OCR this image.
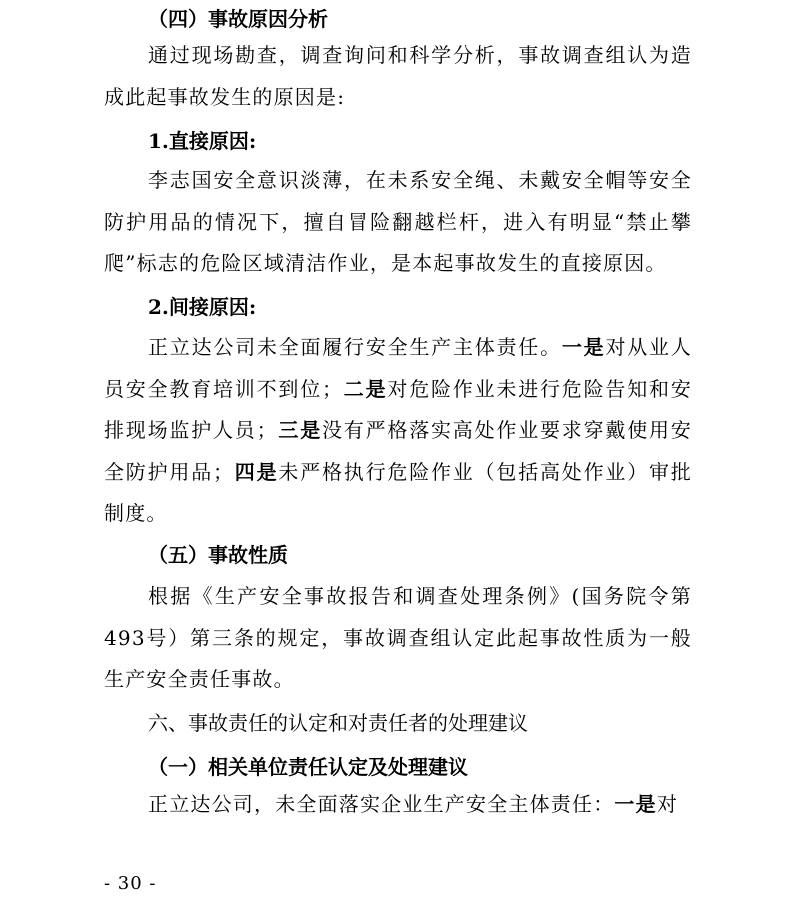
（四）事故原因分析
通过现场勘查，调查询问和科学分析，事故调查组认为造成此起事故发生的原因是:
1.直接原因:
李志国安全意识淡薄，在未系安全绳、未戴安全帽等安全防护用品的情况下，擅自冒险翻越栏杆，进入有明显“禁止攀爬”标志的危险区域清洁作业，是本起事故发生的直接原因。
2.间接原因:
正立达公司未全面履行安全生产主体责任。一是对从业人员安全教育培训不到位；二是对危险作业未进行危险告知和安排现场监护人员；三是没有严格落实高处作业要求穿戴使用安全防护用品；四是未严格执行危险作业（包括高处作业）审批制度。
（五）事故性质
根据《生产安全事故报告和调查处理条例》(国务院令第493号）第三条的规定，事故调查组认定此起事故性质为一般生产安全责任事故。
六、事故责任的认定和对责任者的处理建议
（一）相关单位责任认定及处理建议
正立达公司，未全面落实企业生产安全主体责任：一是对
- 30 -
